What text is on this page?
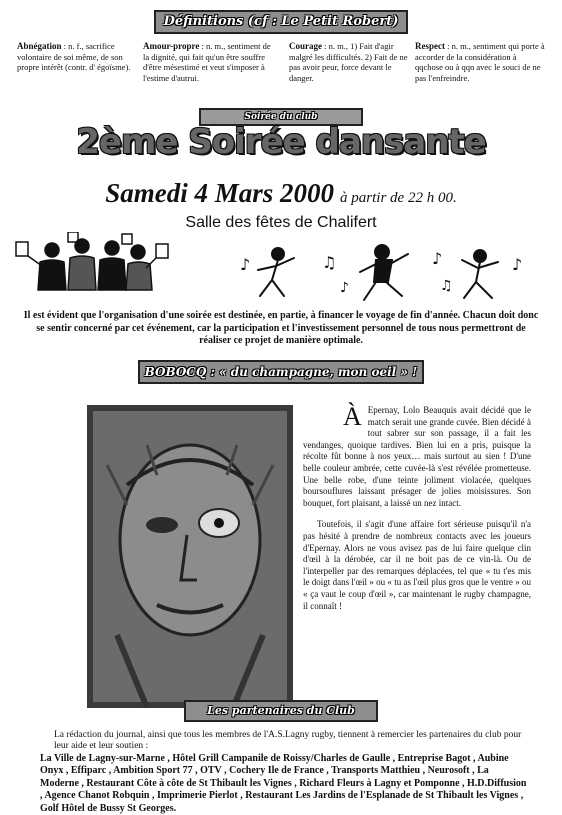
Définitions (cf : Le Petit Robert)
Abnégation : n. f., sacrifice volontaire de soi même, de son propre intérêt (contr. d' égoïsme).
Amour-propre : n. m., sentiment de la dignité, qui fait qu'un être souffre d'être mésestimé et veut s'imposer à l'estime d'autrui.
Courage : n. m., 1) Fait d'agir malgré les difficultés. 2) Fait de ne pas avoir peur, force devant le danger.
Respect : n. m., sentiment qui porte à accorder de la considération à qqchose ou à qqn avec le souci de ne pas l'enfreindre.
Soirée du club
2ème Soirée dansante
Samedi 4 Mars 2000 à partir de 22 h 00.
Salle des fêtes de Chalifert
♪	♫
♪
♪
♫
♪
Il est évident que l'organisation d'une soirée est destinée, en partie, à financer le voyage de fin d'année. Chacun doit donc se sentir concerné par cet événement, car la participation et l'investissement personnel de tous nous permettront de réaliser ce projet de manière optimale.
BOBOCQ : « du champagne, mon oeil » !

À Epernay, Lolo Beauquis avait décidé que le match serait une grande cuvée. Bien décidé à tout sabrer sur son passage, il a fait les vendanges, quoique tardives. Bien lui en a pris, puisque la récolte fût bonne à nos yeux… mais surtout au sien ! D'une belle couleur ambrée, cette cuvée-là s'est révélée prometteuse. Une belle robe, d'une teinte joliment violacée, quelques boursouflures laissant présager de jolies moisissures. Son bouquet, fort plaisant, a laissé un nez intact.

Toutefois, il s'agit d'une affaire fort sérieuse puisqu'il n'a pas hésité à prendre de nombreux contacts avec les joueurs d'Epernay. Alors ne vous avisez pas de lui faire quelque clin d'œil à la dérobée, car il ne boit pas de ce vin-là. Ou de l'interpeller par des remarques déplacées, tel que « tu t'es mis le doigt dans l'œil » ou « tu as l'œil plus gros que le ventre » ou « ça vaut le coup d'œil », car maintenant le rugby champagne, il connaît !

Les partenaires du Club
La rédaction du journal, ainsi que tous les membres de l'A.S.Lagny rugby, tiennent à remercier les partenaires du club pour leur aide et leur soutien :
La Ville de Lagny-sur-Marne , Hôtel Grill Campanile de Roissy/Charles de Gaulle , Entreprise Bagot , Aubine Onyx , Effiparc , Ambition Sport 77 , OTV , Cochery Ile de France , Transports Matthieu , Neurosoft , La Moderne , Restaurant Côte à côte de St Thibault les Vignes , Richard Fleurs à Lagny et Pomponne , H.D.Diffusion , Agence Chanot Robquin , Imprimerie Pierlot , Restaurant Les Jardins de l'Esplanade de St Thibault les Vignes , Golf Hôtel de Bussy St Georges.
